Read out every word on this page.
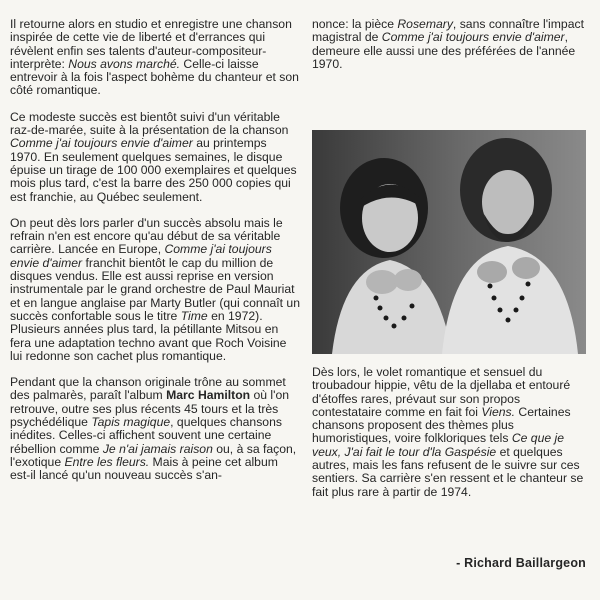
Il retourne alors en studio et enregistre une chanson inspirée de cette vie de liberté et d'errances qui révèlent enfin ses talents d'auteur-compositeur-interprète: Nous avons marché. Celle-ci laisse entrevoir à la fois l'aspect bohème du chanteur et son côté romantique.

Ce modeste succès est bientôt suivi d'un véritable raz-de-marée, suite à la présentation de la chanson Comme j'ai toujours envie d'aimer au printemps 1970. En seulement quelques semaines, le disque épuise un tirage de 100 000 exemplaires et quelques mois plus tard, c'est la barre des 250 000 copies qui est franchie, au Québec seulement.

On peut dès lors parler d'un succès absolu mais le refrain n'en est encore qu'au début de sa véritable carrière. Lancée en Europe, Comme j'ai toujours envie d'aimer franchit bientôt le cap du million de disques vendus. Elle est aussi reprise en version instrumentale par le grand orchestre de Paul Mauriat et en langue anglaise par Marty Butler (qui connaît un succès confortable sous le titre Time en 1972). Plusieurs années plus tard, la pétillante Mitsou en fera une adaptation techno avant que Roch Voisine lui redonne son cachet plus romantique.

Pendant que la chanson originale trône au sommet des palmarès, paraît l'album Marc Hamilton où l'on retrouve, outre ses plus récents 45 tours et la très psychédélique Tapis magique, quelques chansons inédites. Celles-ci affichent souvent une certaine rébellion comme Je n'ai jamais raison ou, à sa façon, l'exotique Entre les fleurs. Mais à peine cet album est-il lancé qu'un nouveau succès s'an-

nonce: la pièce Rosemary, sans connaître l'impact magistral de Comme j'ai toujours envie d'aimer, demeure elle aussi une des préférées de l'année 1970.

Dès lors, le volet romantique et sensuel du troubadour hippie, vêtu de la djellaba et entouré d'étoffes rares, prévaut sur son propos contestataire comme en fait foi Viens. Certaines chansons proposent des thèmes plus humoristiques, voire folkloriques tels Ce que je veux, J'ai fait le tour d'la Gaspésie et quelques autres, mais les fans refusent de le suivre sur ces sentiers. Sa carrière s'en ressent et le chanteur se fait plus rare à partir de 1974.

- Richard Baillargeon
